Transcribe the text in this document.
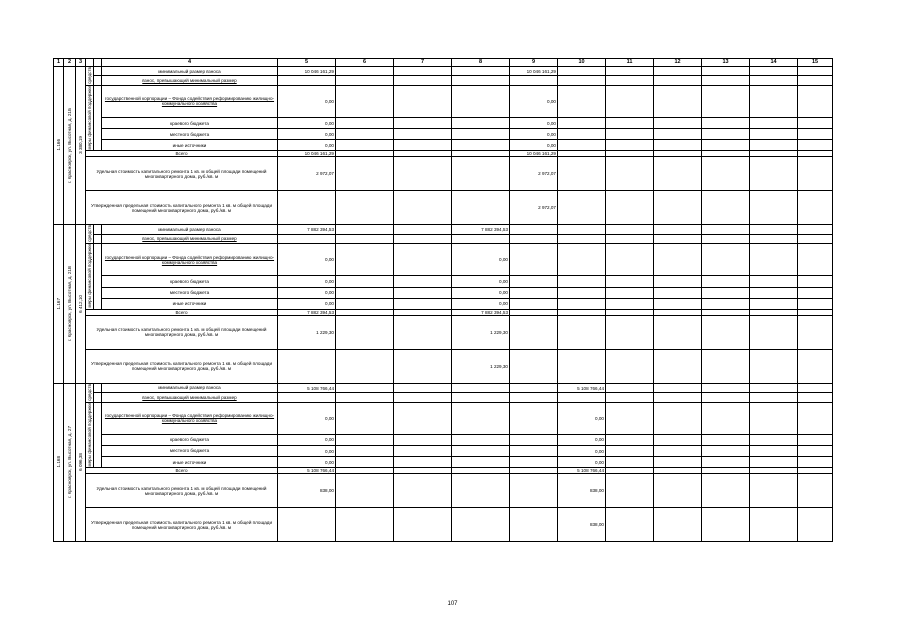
1	2	3			4	5	6	7	8	9	10	11	12	13	14	15
1.166	г. Красноярск, ул. Высотная, д. 21Б	3 380,19	средств		минимальный размер взноса	10 046 161,29				10 046 161,29						
					взнос, превышающий минимальный размер											
			меры финансовой поддержки		государственной корпорации – Фонда содействия реформированию жилищно-коммунального хозяйства	0,00				0,00						
					краевого бюджета	0,00				0,00						
					местного бюджета	0,00				0,00						
					иные источники	0,00				0,00						
			Всего			10 046 161,29				10 046 161,29						
			Удельная стоимость капитального ремонта 1 кв. м общей площади помещений многоквартирного дома, руб./кв. м			2 972,07				2 972,07						
			Утвержденная предельная стоимость капитального ремонта 1 кв. м общей площади помещений многоквартирного дома, руб./кв. м							2 972,07						
1.167	г. Красноярск, ул. Высотная, д. 21В	6 412,10	средств		минимальный размер взноса	7 882 394,53			7 882 394,53							
					взнос, превышающий минимальный размер											
			меры финансовой поддержки		государственной корпорации – Фонда содействия реформированию жилищно-коммунального хозяйства	0,00			0,00							
					краевого бюджета	0,00			0,00							
					местного бюджета	0,00			0,00							
					иные источники	0,00			0,00							
			Всего			7 882 394,53			7 882 394,53							
			Удельная стоимость капитального ремонта 1 кв. м общей площади помещений многоквартирного дома, руб./кв. м			1 229,30			1 229,30							
			Утвержденная предельная стоимость капитального ремонта 1 кв. м общей площади помещений многоквартирного дома, руб./кв. м						1 229,30							
1.168	г. Красноярск, ул. Высотная, д. 27	6 096,38	средств		минимальный размер взноса	5 108 766,44					5 108 766,44					
					взнос, превышающий минимальный размер											
			меры финансовой поддержки		государственной корпорации – Фонда содействия реформированию жилищно-коммунального хозяйства	0,00					0,00					
					краевого бюджета	0,00					0,00					
					местного бюджета	0,00					0,00					
					иные источники	0,00					0,00					
			Всего			5 108 766,44					5 108 766,44					
			Удельная стоимость капитального ремонта 1 кв. м общей площади помещений многоквартирного дома, руб./кв. м			838,00					838,00					
			Утвержденная предельная стоимость капитального ремонта 1 кв. м общей площади помещений многоквартирного дома, руб./кв. м								838,00					
107
